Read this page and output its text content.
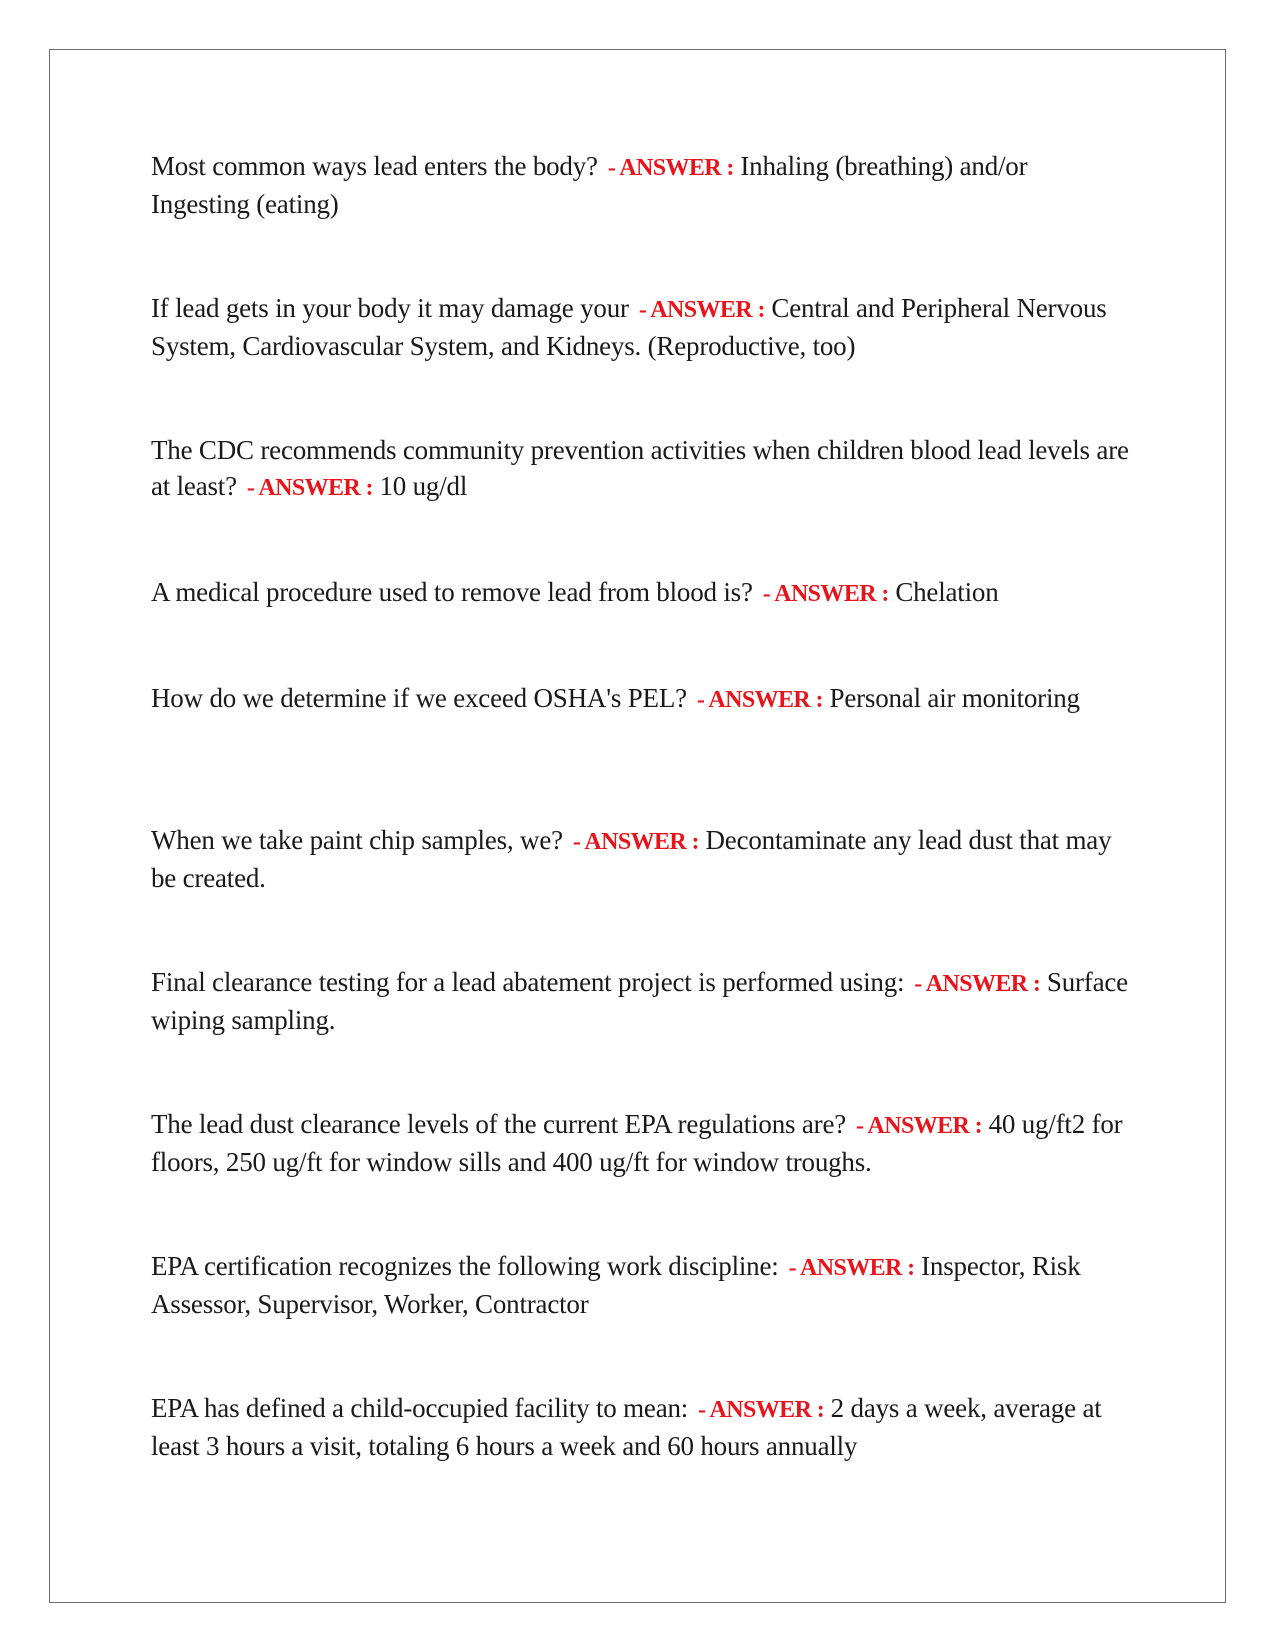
Most common ways lead enters the body? - ANSWER : Inhaling (breathing) and/or Ingesting (eating)
If lead gets in your body it may damage your - ANSWER : Central and Peripheral Nervous System, Cardiovascular System, and Kidneys. (Reproductive, too)
The CDC recommends community prevention activities when children blood lead levels are at least? - ANSWER : 10 ug/dl
A medical procedure used to remove lead from blood is? - ANSWER : Chelation
How do we determine if we exceed OSHA's PEL? - ANSWER : Personal air monitoring
When we take paint chip samples, we? - ANSWER : Decontaminate any lead dust that may be created.
Final clearance testing for a lead abatement project is performed using: - ANSWER : Surface wiping sampling.
The lead dust clearance levels of the current EPA regulations are? - ANSWER : 40 ug/ft2 for floors, 250 ug/ft for window sills and 400 ug/ft for window troughs.
EPA certification recognizes the following work discipline: - ANSWER : Inspector, Risk Assessor, Supervisor, Worker, Contractor
EPA has defined a child-occupied facility to mean: - ANSWER : 2 days a week, average at least 3 hours a visit, totaling 6 hours a week and 60 hours annually
